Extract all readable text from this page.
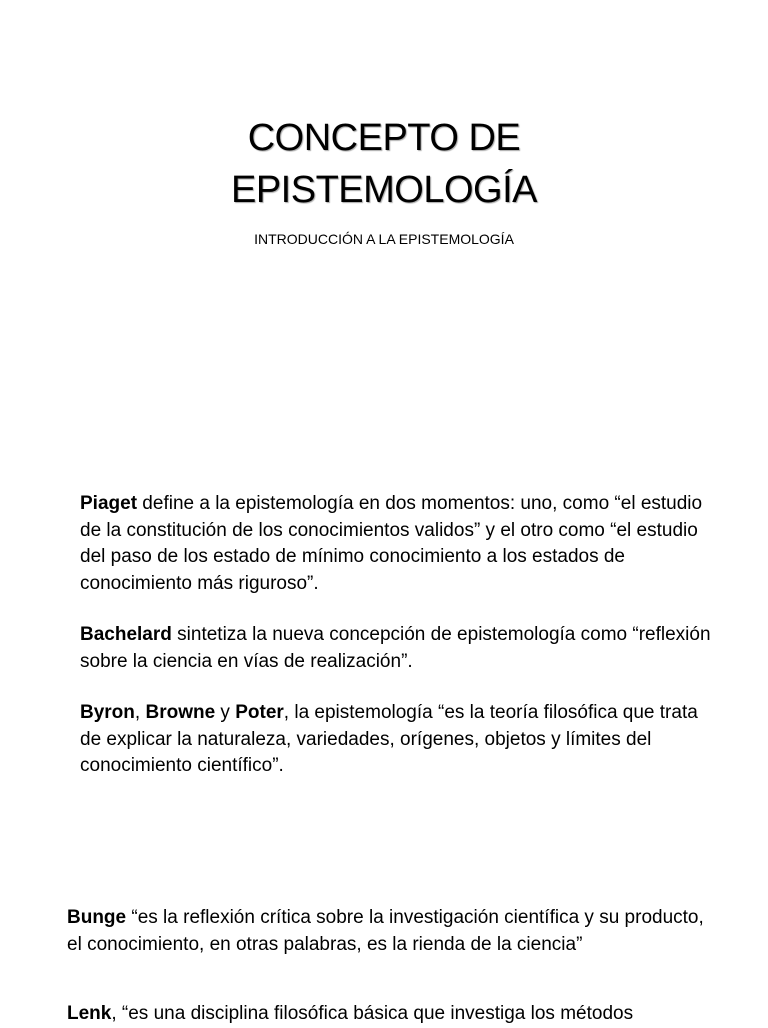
CONCEPTO DE
EPISTEMOLOGÍA
INTRODUCCIÓN A LA EPISTEMOLOGÍA

Piaget define a la epistemología en dos momentos: uno, como “el estudio de la constitución de los conocimientos validos” y el otro como “el estudio del paso de los estado de mínimo conocimiento a los estados de conocimiento más riguroso”.

Bachelard sintetiza la nueva concepción de epistemología como “reflexión sobre la ciencia en vías de realización”.

Byron, Browne y Poter, la epistemología “es la teoría filosófica que trata de explicar la naturaleza, variedades, orígenes, objetos y límites del conocimiento científico”.

Bunge “es la reflexión crítica sobre la investigación científica y su producto, el conocimiento, en otras palabras, es la rienda de la ciencia”

Lenk, “es una disciplina filosófica básica que investiga los métodos
